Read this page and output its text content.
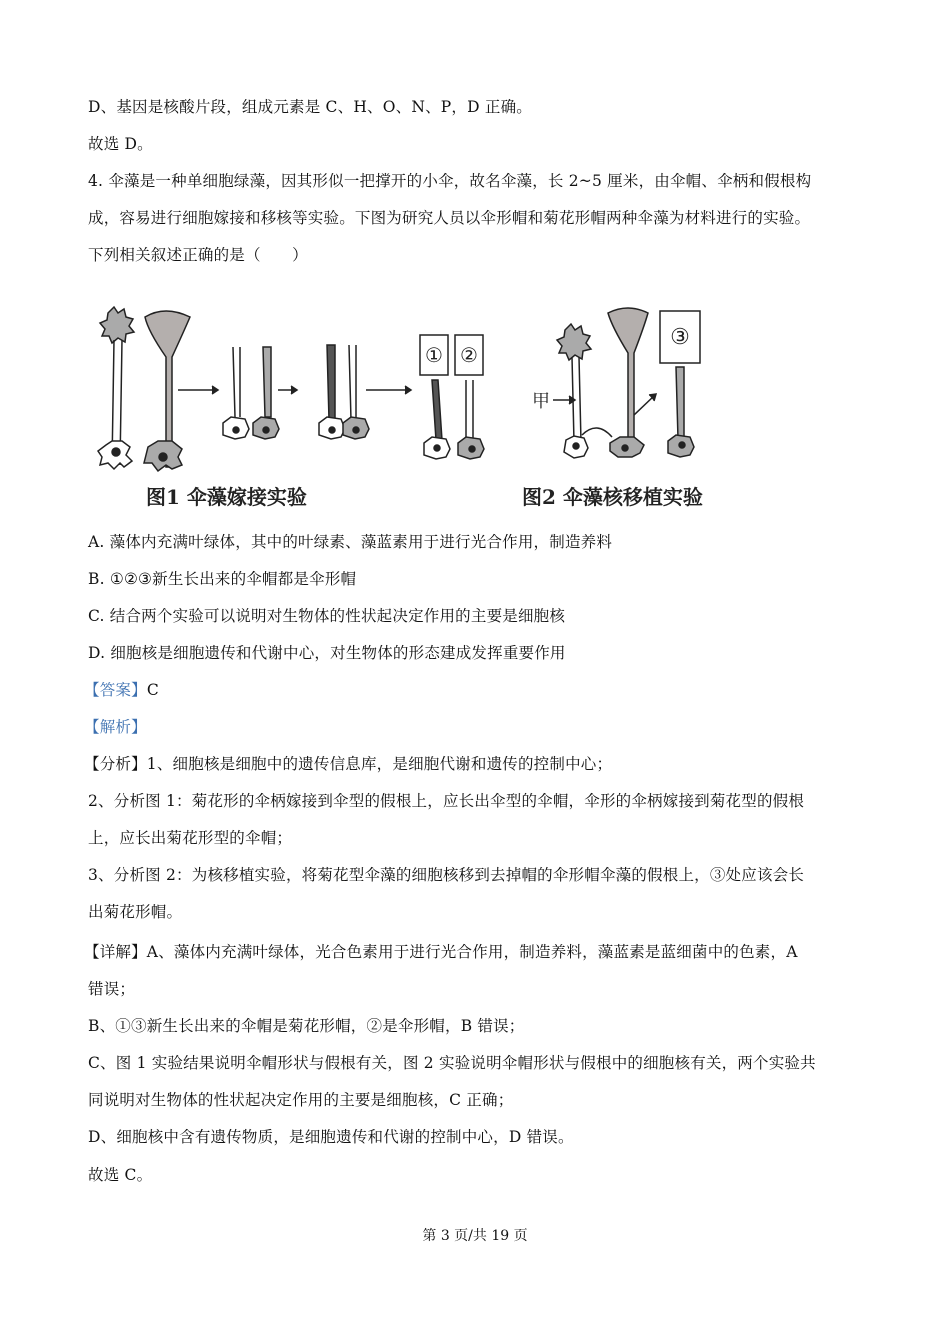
D、基因是核酸片段，组成元素是 C、H、O、N、P，D 正确。
故选 D。
4. 伞藻是一种单细胞绿藻，因其形似一把撑开的小伞，故名伞藻，长 2~5 厘米，由伞帽、伞柄和假根构
成，容易进行细胞嫁接和移核等实验。下图为研究人员以伞形帽和菊花形帽两种伞藻为材料进行的实验。
下列相关叙述正确的是（　　）
① ②
③
甲
图1 伞藻嫁接实验	图2 伞藻核移植实验
A. 藻体内充满叶绿体，其中的叶绿素、藻蓝素用于进行光合作用，制造养料
B. ①②③新生长出来的伞帽都是伞形帽
C. 结合两个实验可以说明对生物体的性状起决定作用的主要是细胞核
D. 细胞核是细胞遗传和代谢中心，对生物体的形态建成发挥重要作用
【答案】C
【解析】
【分析】1、细胞核是细胞中的遗传信息库，是细胞代谢和遗传的控制中心；
2、分析图 1：菊花形的伞柄嫁接到伞型的假根上，应长出伞型的伞帽，伞形的伞柄嫁接到菊花型的假根
上，应长出菊花形型的伞帽；
3、分析图 2：为核移植实验，将菊花型伞藻的细胞核移到去掉帽的伞形帽伞藻的假根上，③处应该会长
出菊花形帽。
【详解】A、藻体内充满叶绿体，光合色素用于进行光合作用，制造养料，藻蓝素是蓝细菌中的色素，A
错误；
B、①③新生长出来的伞帽是菊花形帽，②是伞形帽，B 错误；
C、图 1 实验结果说明伞帽形状与假根有关，图 2 实验说明伞帽形状与假根中的细胞核有关，两个实验共
同说明对生物体的性状起决定作用的主要是细胞核，C 正确；
D、细胞核中含有遗传物质，是细胞遗传和代谢的控制中心，D 错误。
故选 C。
第 3 页/共 19 页
